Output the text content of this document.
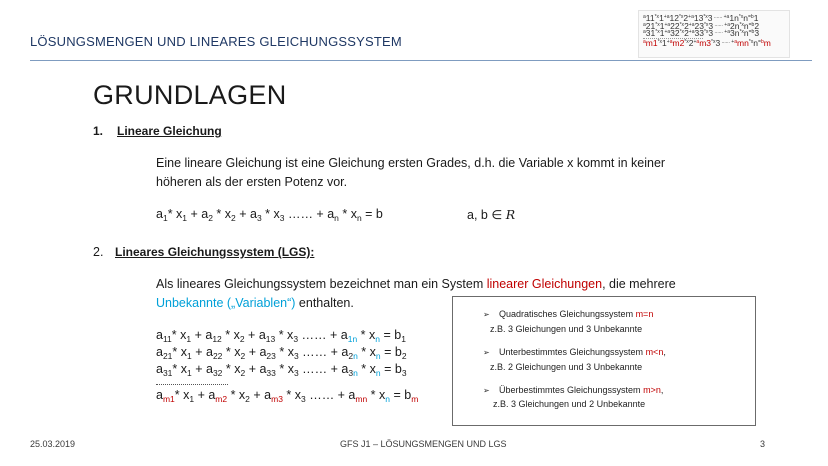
LÖSUNGSMENGEN UND LINEARES GLEICHUNGSSYSTEM
$a_{11}*x_1+a_{12}*x_2+a_{13}*x_3$ ...... $+a_{1n}*x_n=b_1$
$a_{21}*x_1+a_{22}*x_2+a_{23}*x_3$ ...... $+a_{2n}*x_n=b_2$
$a_{31}*x_1+a_{32}*x_2+a_{33}*x_3$ ...... $+a_{3n}*x_n=b_3$
$a_{m1}*x_1+a_{m2}*x_2+a_{m3}*x_3$ ...... $+a_{mn}*x_n=b_m$
GRUNDLAGEN
1. Lineare Gleichung
Eine lineare Gleichung ist eine Gleichung ersten Grades, d.h. die Variable x kommt in keiner
höheren als der ersten Potenz vor.
$a_1*$ $x_1 + a_2 * x_2 + a_3 * x_3$ …… + $a_n * x_n = b$	a, b ∈ R
2. Lineares Gleichungssystem (LGS):
Als lineares Gleichungssystem bezeichnet man ein System linearer Gleichungen, die mehrere
Unbekannte („Variablen“) enthalten.
$a_{11}*$ $x_1 + a_{12} * x_2 + a_{13} * x_3$ …… + $a_{1n} * x_n = b_1$
$a_{21}*$ $x_1 + a_{22} * x_2 + a_{23} * x_3$ …… + $a_{2n} * x_n = b_2$
$a_{31}*$ $x_1 + a_{32} * x_2 + a_{33} * x_3$ …… + $a_{3n} * x_n = b_3$
$a_{m1}*$ $x_1 + a_{m2} * x_2 + a_{m3} * x_3$ …… + $a_{mn} * x_n = b_m$
➢ Quadratisches Gleichungssystem m=n
z.B. 3 Gleichungen und 3 Unbekannte
➢ Unterbestimmtes Gleichungssystem m<n,
z.B. 2 Gleichungen und 3 Unbekannte
➢ Überbestimmtes Gleichungssystem m>n,
z.B. 3 Gleichungen und 2 Unbekannte
25.03.2019	GFS J1 – LÖSUNGSMENGEN UND LGS	3
